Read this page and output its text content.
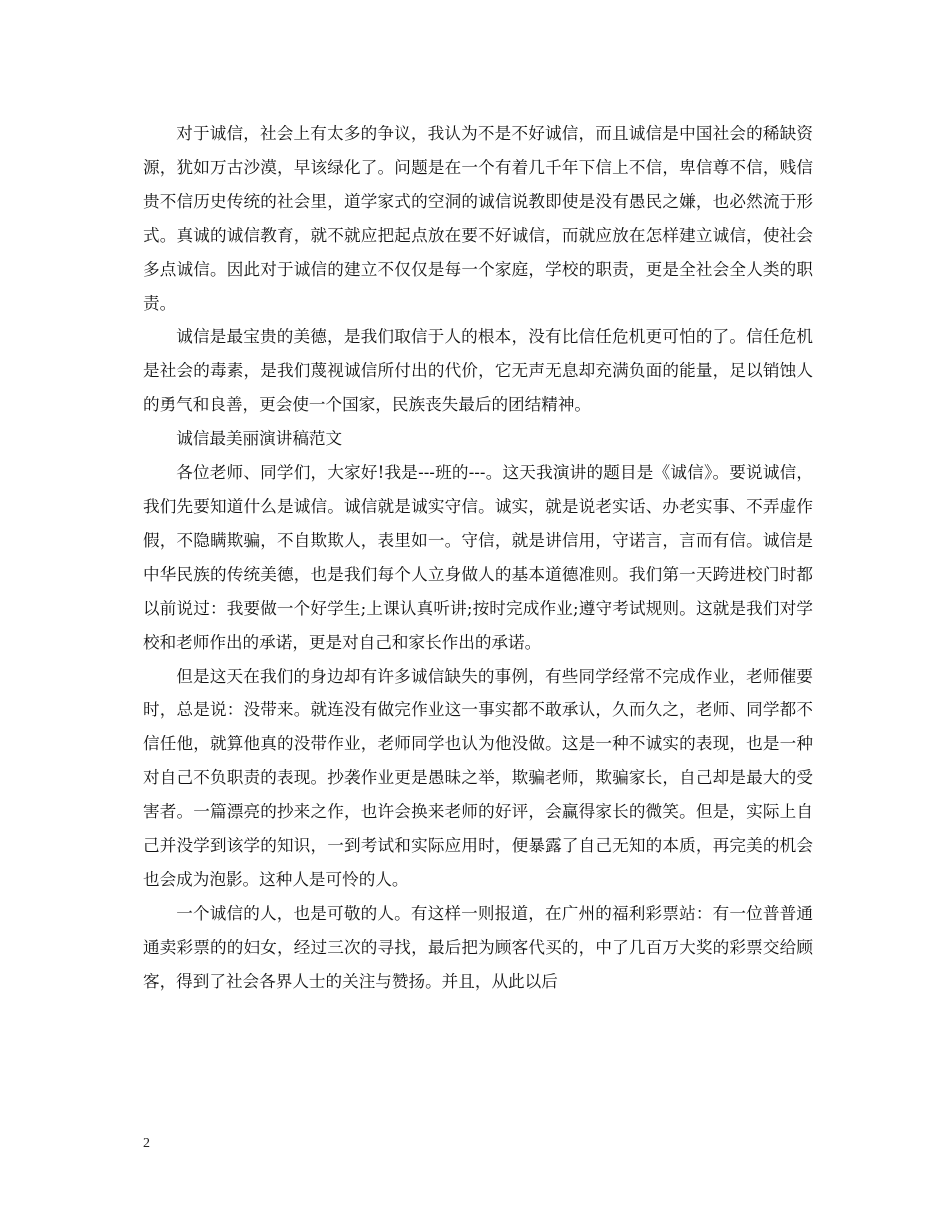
对于诚信，社会上有太多的争议，我认为不是不好诚信，而且诚信是中国社会的稀缺资源，犹如万古沙漠，早该绿化了。问题是在一个有着几千年下信上不信，卑信尊不信，贱信贵不信历史传统的社会里，道学家式的空洞的诚信说教即使是没有愚民之嫌，也必然流于形式。真诚的诚信教育，就不就应把起点放在要不好诚信，而就应放在怎样建立诚信，使社会多点诚信。因此对于诚信的建立不仅仅是每一个家庭，学校的职责，更是全社会全人类的职责。

诚信是最宝贵的美德，是我们取信于人的根本，没有比信任危机更可怕的了。信任危机是社会的毒素，是我们蔑视诚信所付出的代价，它无声无息却充满负面的能量，足以销蚀人的勇气和良善，更会使一个国家，民族丧失最后的团结精神。

诚信最美丽演讲稿范文

各位老师、同学们，大家好!我是---班的---。这天我演讲的题目是《诚信》。要说诚信，我们先要知道什么是诚信。诚信就是诚实守信。诚实，就是说老实话、办老实事、不弄虚作假，不隐瞒欺骗，不自欺欺人，表里如一。守信，就是讲信用，守诺言，言而有信。诚信是中华民族的传统美德，也是我们每个人立身做人的基本道德准则。我们第一天跨进校门时都以前说过：我要做一个好学生;上课认真听讲;按时完成作业;遵守考试规则。这就是我们对学校和老师作出的承诺，更是对自己和家长作出的承诺。

但是这天在我们的身边却有许多诚信缺失的事例，有些同学经常不完成作业，老师催要时，总是说：没带来。就连没有做完作业这一事实都不敢承认，久而久之，老师、同学都不信任他，就算他真的没带作业，老师同学也认为他没做。这是一种不诚实的表现，也是一种对自己不负职责的表现。抄袭作业更是愚昧之举，欺骗老师，欺骗家长，自己却是最大的受害者。一篇漂亮的抄来之作，也许会换来老师的好评，会赢得家长的微笑。但是，实际上自己并没学到该学的知识，一到考试和实际应用时，便暴露了自己无知的本质，再完美的机会也会成为泡影。这种人是可怜的人。

一个诚信的人，也是可敬的人。有这样一则报道，在广州的福利彩票站：有一位普普通通卖彩票的的妇女，经过三次的寻找，最后把为顾客代买的，中了几百万大奖的彩票交给顾客，得到了社会各界人士的关注与赞扬。并且，从此以后

2
